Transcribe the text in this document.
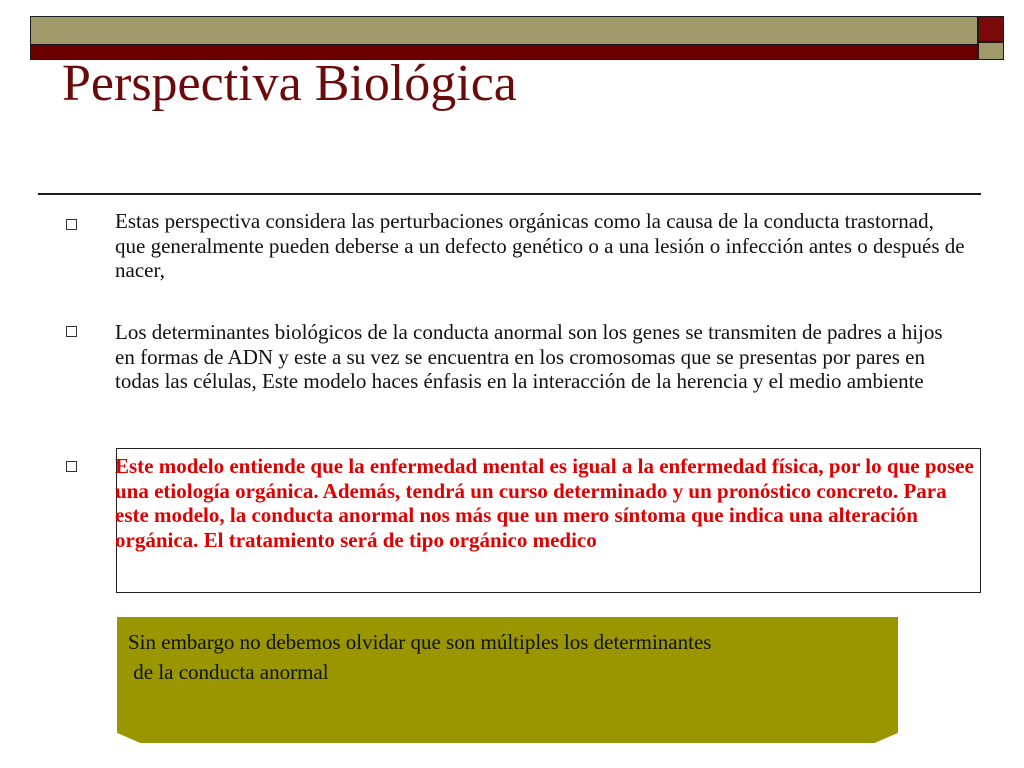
Perspectiva Biológica
Estas perspectiva considera las perturbaciones orgánicas como la causa de la conducta trastornad, que generalmente pueden deberse a un defecto genético o a una lesión o infección antes o después de nacer,
Los determinantes biológicos de la conducta anormal son los genes se transmiten de padres a hijos en formas de ADN y este a su vez se encuentra en los cromosomas que se presentas por pares en todas las células, Este modelo haces énfasis en la interacción de la herencia y el medio ambiente
Este modelo entiende que la enfermedad mental es igual a la enfermedad física, por lo que posee una etiología orgánica. Además, tendrá un curso determinado y un pronóstico concreto. Para este modelo, la conducta anormal nos más que un mero síntoma que indica una alteración orgánica. El tratamiento será de tipo orgánico medico
Sin embargo no debemos olvidar que son múltiples los determinantes
de la conducta anormal
